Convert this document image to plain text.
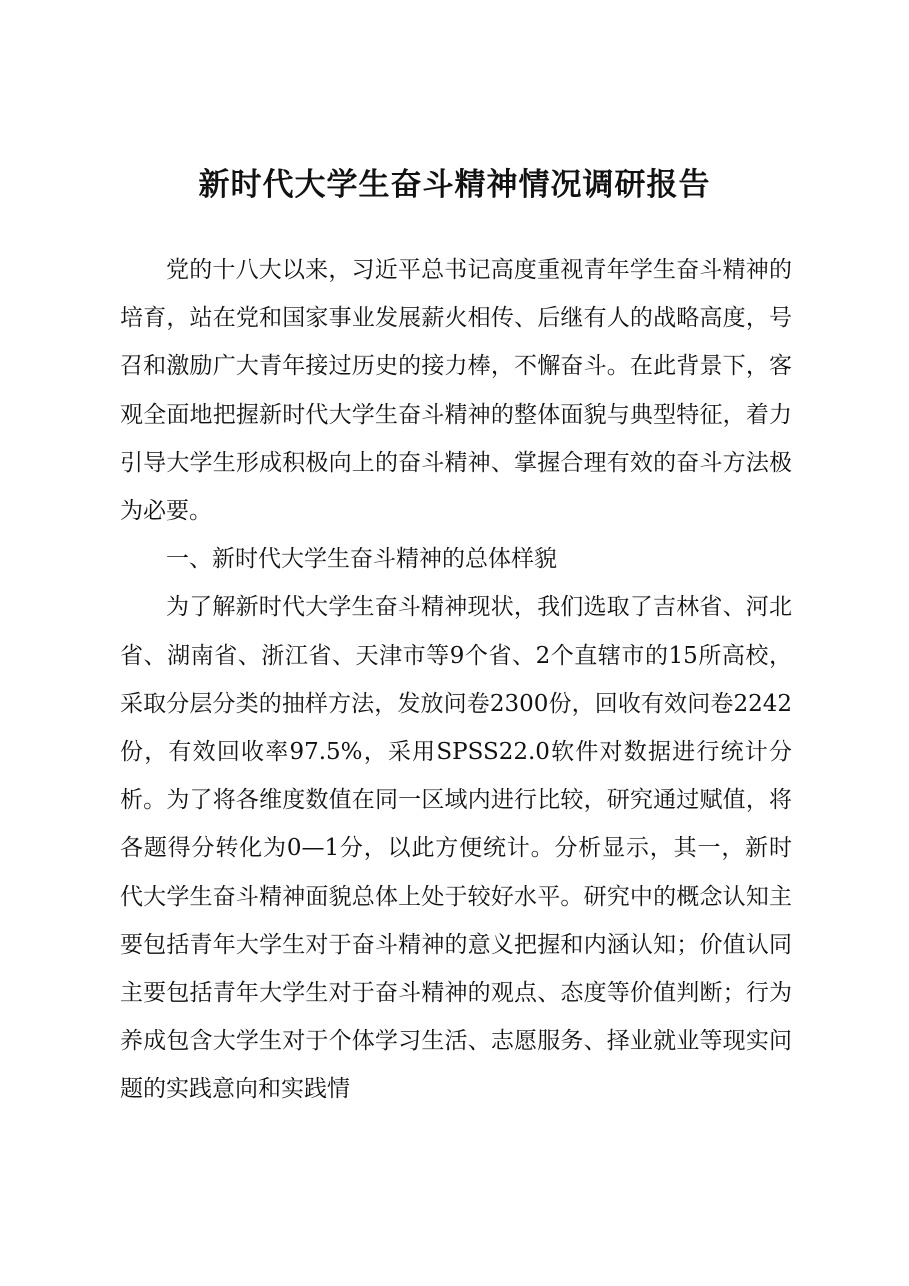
新时代大学生奋斗精神情况调研报告

党的十八大以来，习近平总书记高度重视青年学生奋斗精神的培育，站在党和国家事业发展薪火相传、后继有人的战略高度，号召和激励广大青年接过历史的接力棒，不懈奋斗。在此背景下，客观全面地把握新时代大学生奋斗精神的整体面貌与典型特征，着力引导大学生形成积极向上的奋斗精神、掌握合理有效的奋斗方法极为必要。

一、新时代大学生奋斗精神的总体样貌

为了解新时代大学生奋斗精神现状，我们选取了吉林省、河北省、湖南省、浙江省、天津市等9个省、2个直辖市的15所高校，采取分层分类的抽样方法，发放问卷2300份，回收有效问卷2242份，有效回收率97.5%，采用SPSS22.0软件对数据进行统计分析。为了将各维度数值在同一区域内进行比较，研究通过赋值，将各题得分转化为0—1分，以此方便统计。分析显示，其一，新时代大学生奋斗精神面貌总体上处于较好水平。研究中的概念认知主要包括青年大学生对于奋斗精神的意义把握和内涵认知；价值认同主要包括青年大学生对于奋斗精神的观点、态度等价值判断；行为养成包含大学生对于个体学习生活、志愿服务、择业就业等现实问题的实践意向和实践情
